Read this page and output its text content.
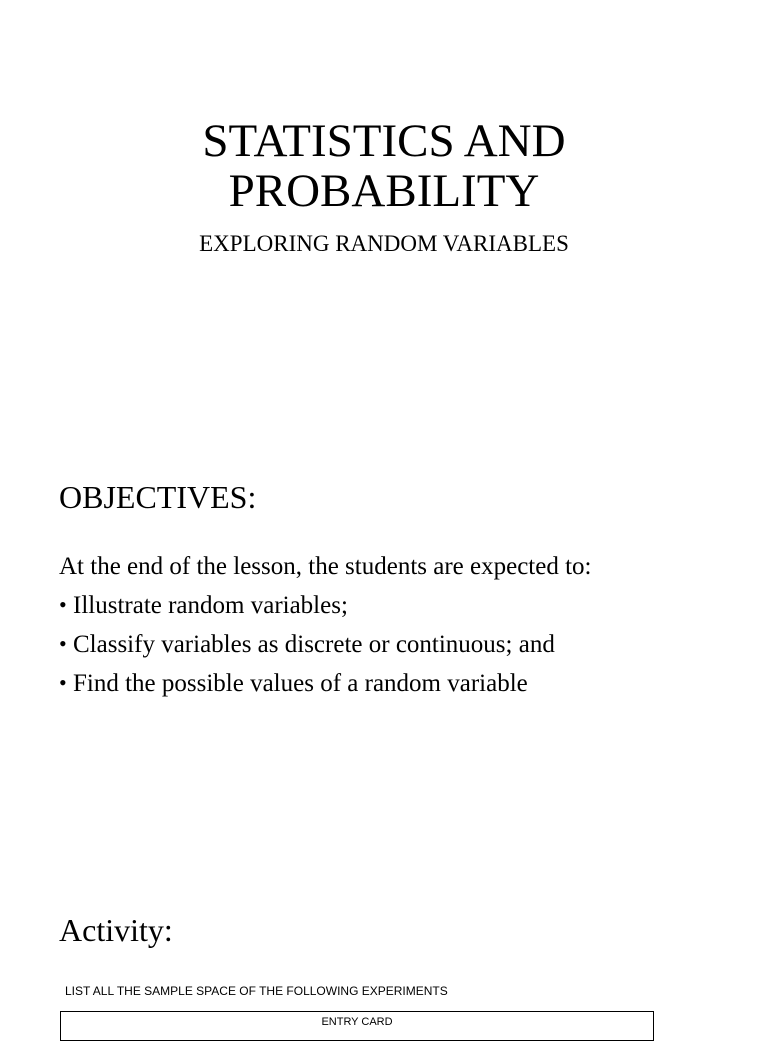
STATISTICS AND
PROBABILITY

EXPLORING RANDOM VARIABLES

OBJECTIVES:

At the end of the lesson, the students are expected to:

• Illustrate random variables;
• Classify variables as discrete or continuous; and
• Find the possible values of a random variable
Activity:

LIST ALL THE SAMPLE SPACE OF THE FOLLOWING EXPERIMENTS

ENTRY CARD
